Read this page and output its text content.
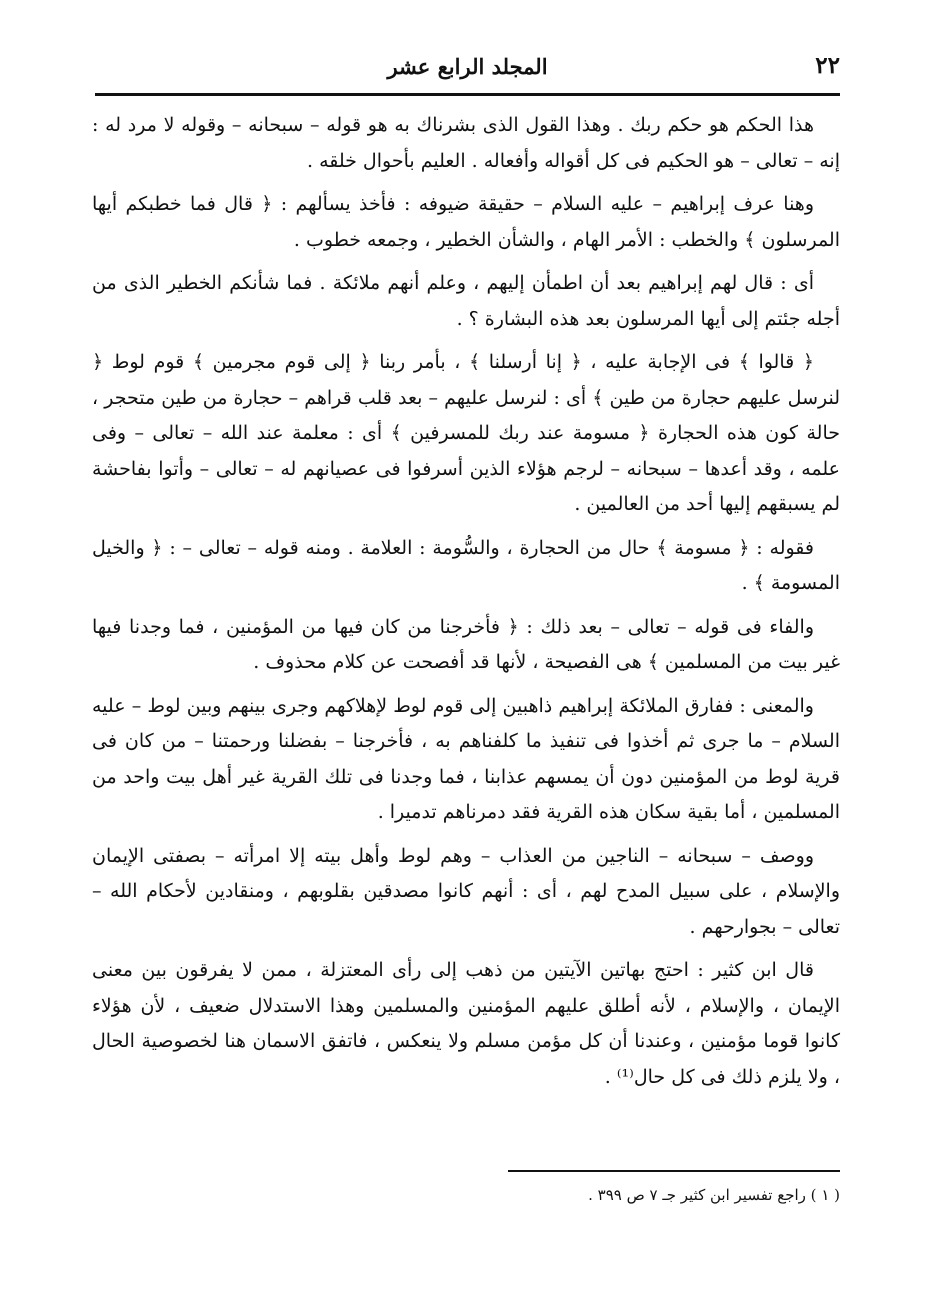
٢٢
المجلد الرابع عشر

هذا الحكم هو حكم ربك . وهذا القول الذى بشرناك به هو قوله – سبحانه – وقوله لا مرد له : إنه – تعالى – هو الحكيم فى كل أقواله وأفعاله . العليم بأحوال خلقه .

وهنا عرف إبراهيم – عليه السلام – حقيقة ضيوفه : فأخذ يسألهم : ﴿ قال فما خطبكم أيها المرسلون ﴾ والخطب : الأمر الهام ، والشأن الخطير ، وجمعه خطوب .

أى : قال لهم إبراهيم بعد أن اطمأن إليهم ، وعلم أنهم ملائكة . فما شأنكم الخطير الذى من أجله جئتم إلى أيها المرسلون بعد هذه البشارة ؟ .

﴿ قالوا ﴾ فى الإجابة عليه ، ﴿ إنا أرسلنا ﴾ ، بأمر ربنا ﴿ إلى قوم مجرمين ﴾ قوم لوط ﴿ لنرسل عليهم حجارة من طين ﴾ أى : لنرسل عليهم – بعد قلب قراهم – حجارة من طين متحجر ، حالة كون هذه الحجارة ﴿ مسومة عند ربك للمسرفين ﴾ أى : معلمة عند الله – تعالى – وفى علمه ، وقد أعدها – سبحانه – لرجم هؤلاء الذين أسرفوا فى عصيانهم له – تعالى – وأتوا بفاحشة لم يسبقهم إليها أحد من العالمين .

فقوله : ﴿ مسومة ﴾ حال من الحجارة ، والسُّومة : العلامة . ومنه قوله – تعالى – : ﴿ والخيل المسومة ﴾ .

والفاء فى قوله – تعالى – بعد ذلك : ﴿ فأخرجنا من كان فيها من المؤمنين ، فما وجدنا فيها غير بيت من المسلمين ﴾ هى الفصيحة ، لأنها قد أفصحت عن كلام محذوف .

والمعنى : ففارق الملائكة إبراهيم ذاهبين إلى قوم لوط لإهلاكهم وجرى بينهم وبين لوط – عليه السلام – ما جرى ثم أخذوا فى تنفيذ ما كلفناهم به ، فأخرجنا – بفضلنا ورحمتنا – من كان فى قرية لوط من المؤمنين دون أن يمسهم عذابنا ، فما وجدنا فى تلك القرية غير أهل بيت واحد من المسلمين ، أما بقية سكان هذه القرية فقد دمرناهم تدميرا .

ووصف – سبحانه – الناجين من العذاب – وهم لوط وأهل بيته إلا امرأته – بصفتى الإيمان والإسلام ، على سبيل المدح لهم ، أى : أنهم كانوا مصدقين بقلوبهم ، ومنقادين لأحكام الله – تعالى – بجوارحهم .

قال ابن كثير : احتج بهاتين الآيتين من ذهب إلى رأى المعتزلة ، ممن لا يفرقون بين معنى الإيمان ، والإسلام ، لأنه أطلق عليهم المؤمنين والمسلمين وهذا الاستدلال ضعيف ، لأن هؤلاء كانوا قوما مؤمنين ، وعندنا أن كل مؤمن مسلم ولا ينعكس ، فاتفق الاسمان هنا لخصوصية الحال ، ولا يلزم ذلك فى كل حال⁽¹⁾ .

( ١ ) راجع تفسير ابن كثير جـ ٧ ص ٣٩٩ .
